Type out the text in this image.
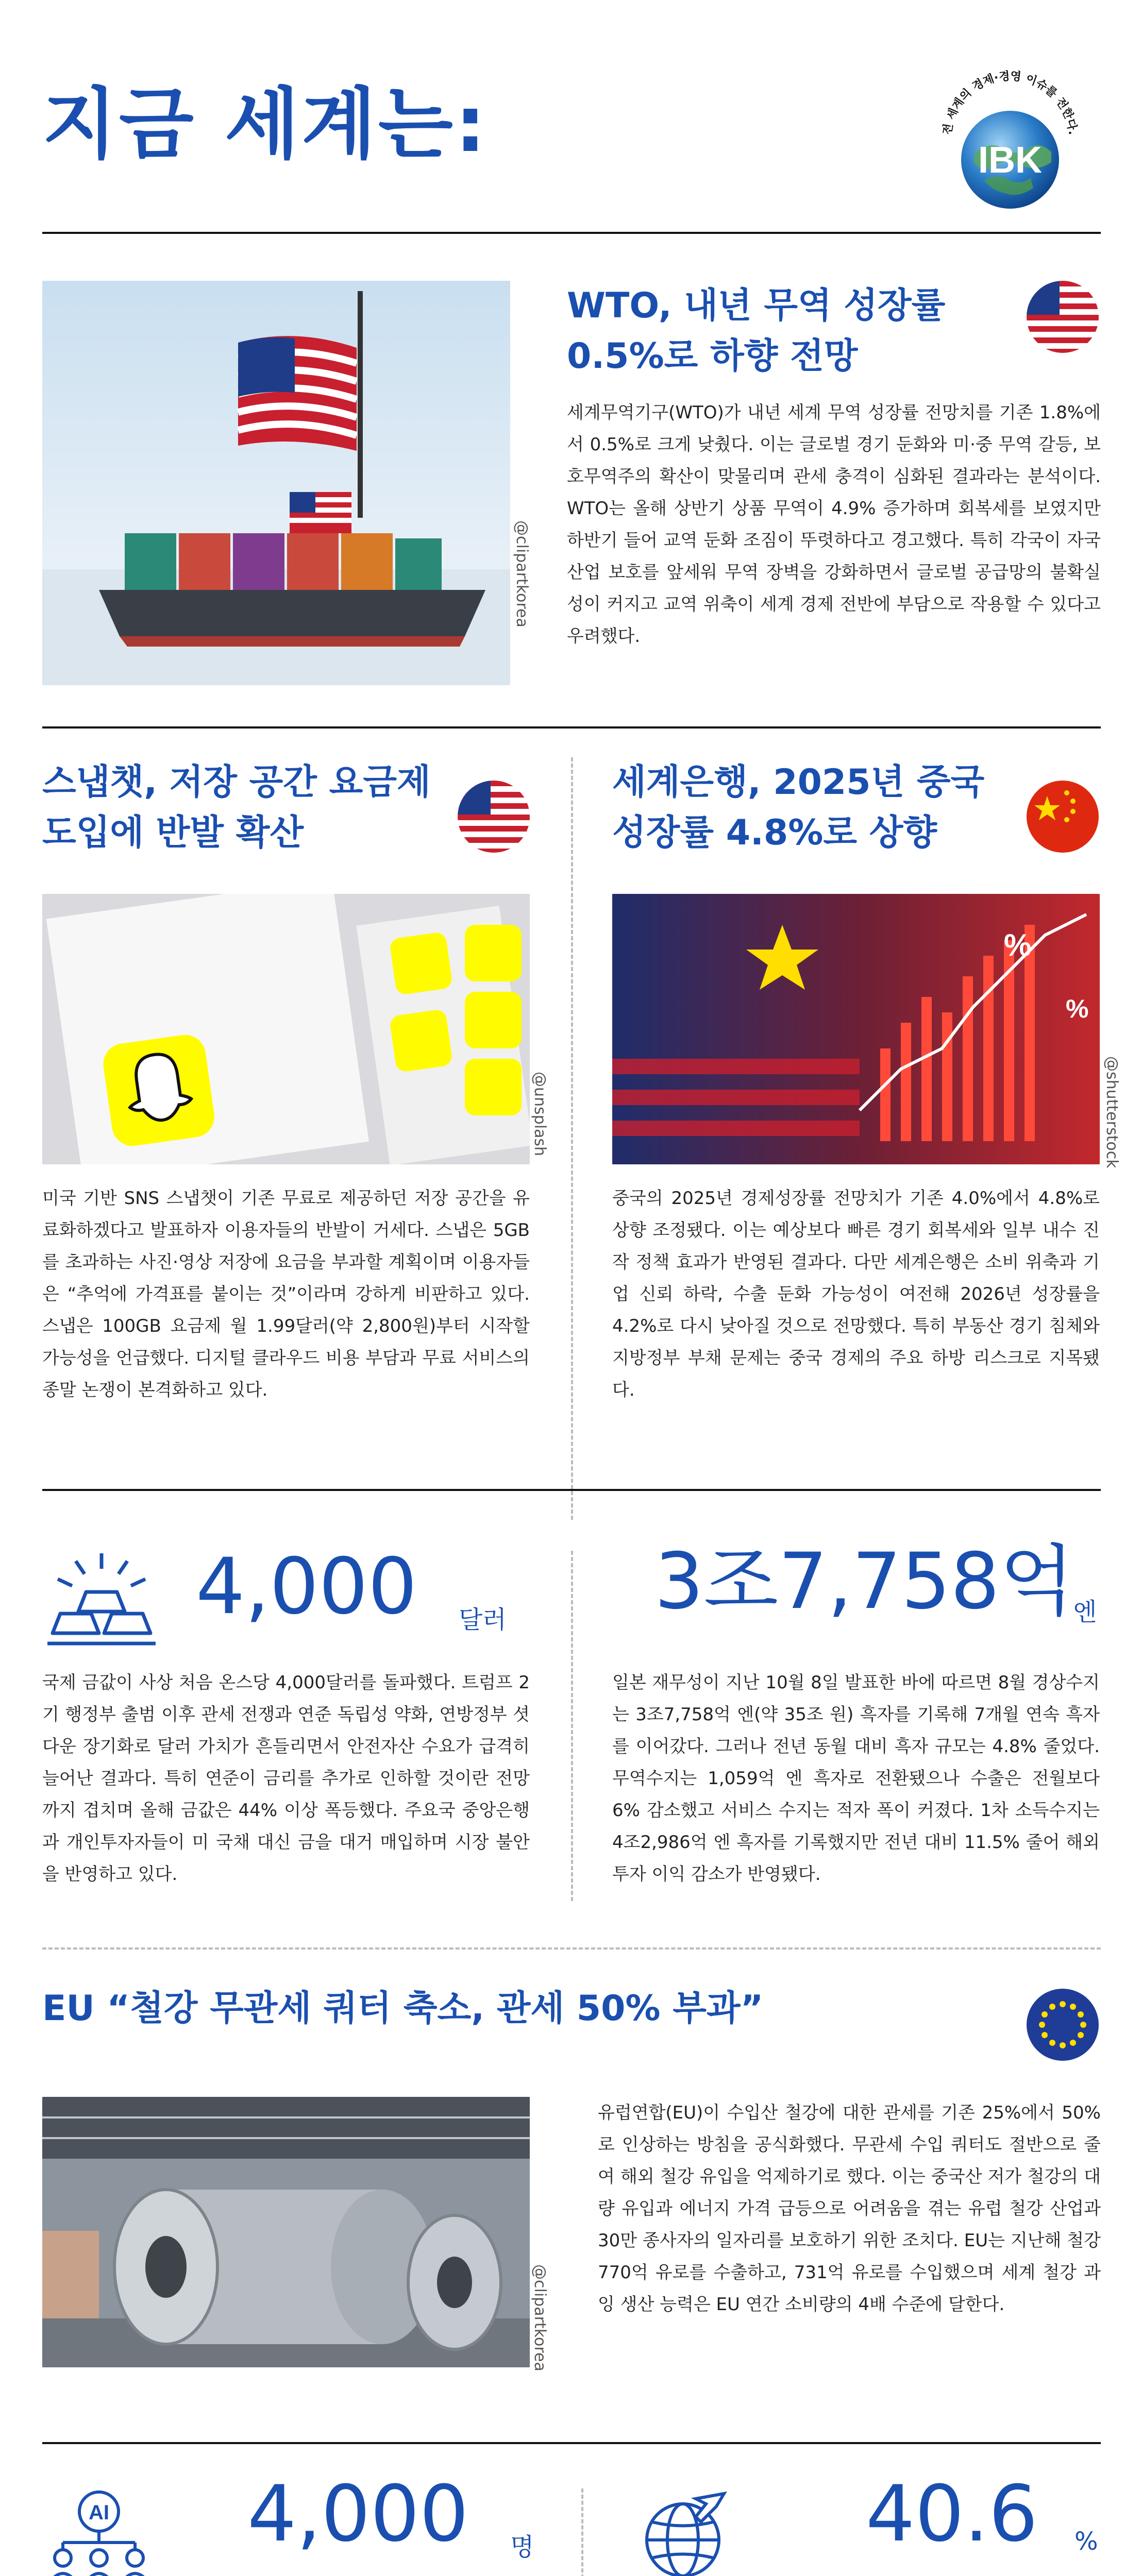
지금 세계는:	IBK
전 세계의 경제·경영 이슈를 전한다.
@clipartkorea
WTO, 내년 무역 성장률
0.5%로 하향 전망
세계무역기구(WTO)가 내년 세계 무역 성장률 전망치를 기존 1.8%에서 0.5%로 크게 낮췄다. 이는 글로벌 경기 둔화와 미·중 무역 갈등, 보호무역주의 확산이 맞물리며 관세 충격이 심화된 결과라는 분석이다. WTO는 올해 상반기 상품 무역이 4.9% 증가하며 회복세를 보였지만 하반기 들어 교역 둔화 조짐이 뚜렷하다고 경고했다. 특히 각국이 자국 산업 보호를 앞세워 무역 장벽을 강화하면서 글로벌 공급망의 불확실성이 커지고 교역 위축이 세계 경제 전반에 부담으로 작용할 수 있다고 우려했다.
스냅챗, 저장 공간 요금제
도입에 반발 확산
@unsplash
미국 기반 SNS 스냅챗이 기존 무료로 제공하던 저장 공간을 유료화하겠다고 발표하자 이용자들의 반발이 거세다. 스냅은 5GB를 초과하는 사진·영상 저장에 요금을 부과할 계획이며 이용자들은 “추억에 가격표를 붙이는 것”이라며 강하게 비판하고 있다. 스냅은 100GB 요금제 월 1.99달러(약 2,800원)부터 시작할 가능성을 언급했다. 디지털 클라우드 비용 부담과 무료 서비스의 종말 논쟁이 본격화하고 있다.
세계은행, 2025년 중국
성장률 4.8%로 상향
%
%
@shutterstock
중국의 2025년 경제성장률 전망치가 기존 4.0%에서 4.8%로 상향 조정됐다. 이는 예상보다 빠른 경기 회복세와 일부 내수 진작 정책 효과가 반영된 결과다. 다만 세계은행은 소비 위축과 기업 신뢰 하락, 수출 둔화 가능성이 여전해 2026년 성장률을 4.2%로 다시 낮아질 것으로 전망했다. 특히 부동산 경기 침체와 지방정부 부채 문제는 중국 경제의 주요 하방 리스크로 지목됐다.
4,000 달러
국제 금값이 사상 처음 온스당 4,000달러를 돌파했다. 트럼프 2기 행정부 출범 이후 관세 전쟁과 연준 독립성 약화, 연방정부 셧다운 장기화로 달러 가치가 흔들리면서 안전자산 수요가 급격히 늘어난 결과다. 특히 연준이 금리를 추가로 인하할 것이란 전망까지 겹치며 올해 금값은 44% 이상 폭등했다. 주요국 중앙은행과 개인투자자들이 미 국채 대신 금을 대거 매입하며 시장 불안을 반영하고 있다.
3조7,758억
엔
일본 재무성이 지난 10월 8일 발표한 바에 따르면 8월 경상수지는 3조7,758억 엔(약 35조 원) 흑자를 기록해 7개월 연속 흑자를 이어갔다. 그러나 전년 동월 대비 흑자 규모는 4.8% 줄었다. 무역수지는 1,059억 엔 흑자로 전환됐으나 수출은 전월보다 6% 감소했고 서비스 수지는 적자 폭이 커졌다. 1차 소득수지는 4조2,986억 엔 흑자를 기록했지만 전년 대비 11.5% 줄어 해외 투자 이익 감소가 반영됐다.
EU “철강 무관세 쿼터 축소, 관세 50% 부과”
@clipartkorea
유럽연합(EU)이 수입산 철강에 대한 관세를 기존 25%에서 50%로 인상하는 방침을 공식화했다. 무관세 수입 쿼터도 절반으로 줄여 해외 철강 유입을 억제하기로 했다. 이는 중국산 저가 철강의 대량 유입과 에너지 가격 급등으로 어려움을 겪는 유럽 철강 산업과 30만 종사자의 일자리를 보호하기 위한 조치다. EU는 지난해 철강 770억 유로를 수출하고, 731억 유로를 수입했으며 세계 철강 과잉 생산 능력은 EU 연간 소비량의 4배 수준에 달한다.
AI 4,000 명	40.6 %
